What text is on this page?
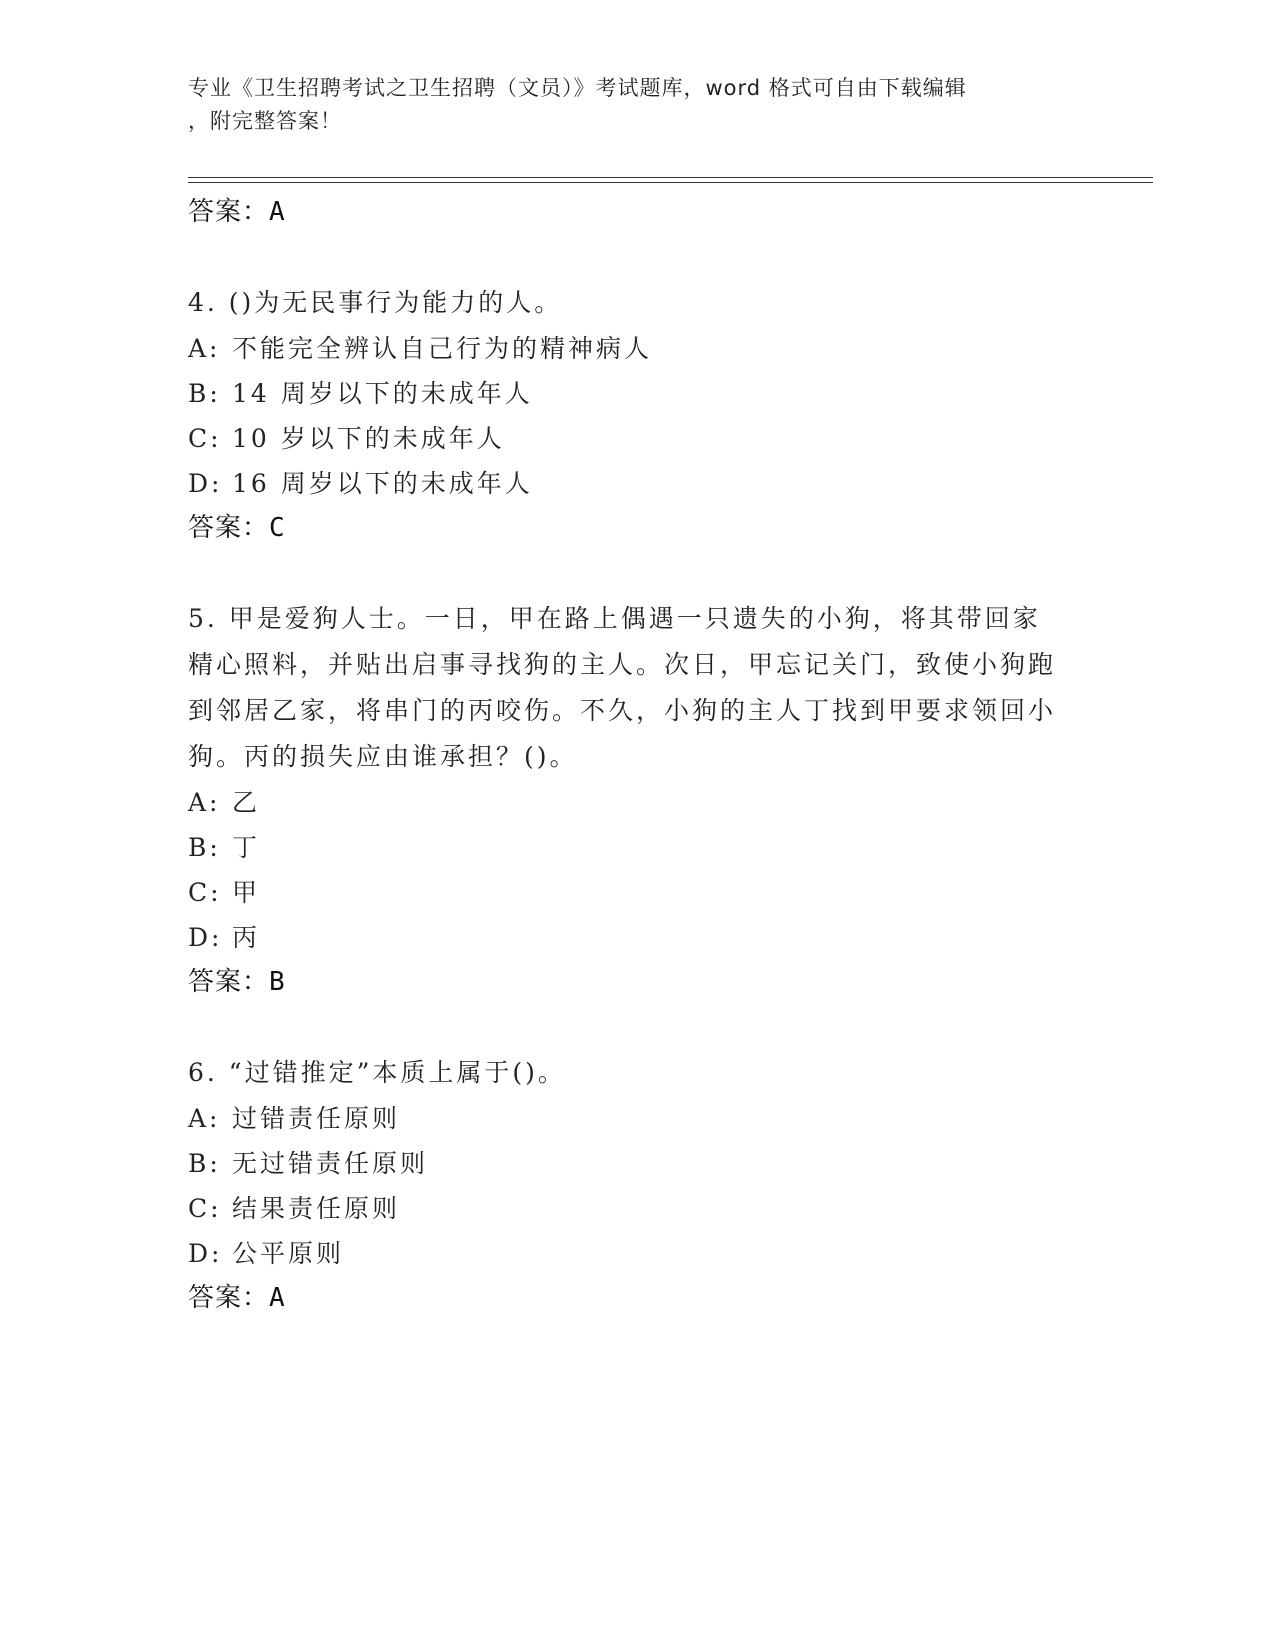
专业《卫生招聘考试之卫生招聘（文员）》考试题库，word 格式可自由下载编辑
，附完整答案！
答案：A
4. ()为无民事行为能力的人。
A: 不能完全辨认自己行为的精神病人
B: 14 周岁以下的未成年人
C: 10 岁以下的未成年人
D: 16 周岁以下的未成年人
答案：C
5. 甲是爱狗人士。一日，甲在路上偶遇一只遗失的小狗，将其带回家精心照料，并贴出启事寻找狗的主人。次日，甲忘记关门，致使小狗跑到邻居乙家，将串门的丙咬伤。不久，小狗的主人丁找到甲要求领回小狗。丙的损失应由谁承担？()。
A: 乙
B: 丁
C: 甲
D: 丙
答案：B
6. “过错推定”本质上属于()。
A: 过错责任原则
B: 无过错责任原则
C: 结果责任原则
D: 公平原则
答案：A
